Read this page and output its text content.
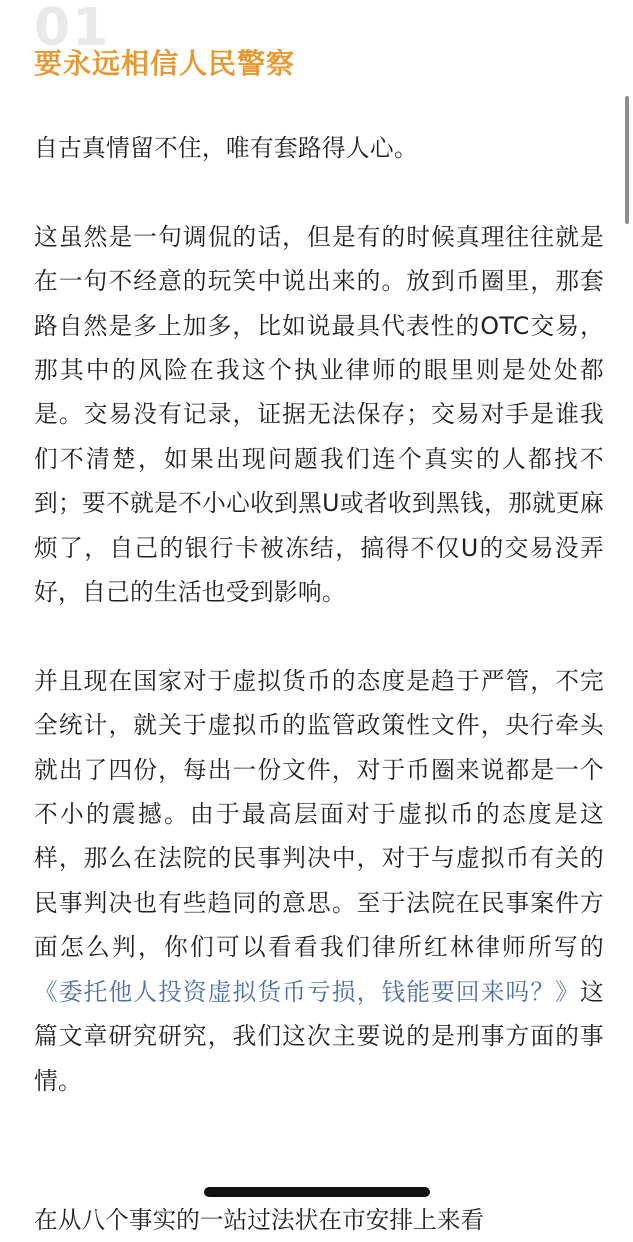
01
要永远相信人民警察

自古真情留不住，唯有套路得人心。

这虽然是一句调侃的话，但是有的时候真理往往就是在一句不经意的玩笑中说出来的。放到币圈里，那套路自然是多上加多，比如说最具代表性的OTC交易，那其中的风险在我这个执业律师的眼里则是处处都是。交易没有记录，证据无法保存；交易对手是谁我们不清楚，如果出现问题我们连个真实的人都找不到；要不就是不小心收到黑U或者收到黑钱，那就更麻烦了，自己的银行卡被冻结，搞得不仅U的交易没弄好，自己的生活也受到影响。

并且现在国家对于虚拟货币的态度是趋于严管，不完全统计，就关于虚拟币的监管政策性文件，央行牵头就出了四份，每出一份文件，对于币圈来说都是一个不小的震撼。由于最高层面对于虚拟币的态度是这样，那么在法院的民事判决中，对于与虚拟币有关的民事判决也有些趋同的意思。至于法院在民事案件方面怎么判，你们可以看看我们律所红林律师所写的《委托他人投资虚拟货币亏损，钱能要回来吗？》这篇文章研究研究，我们这次主要说的是刑事方面的事情。

在从八个事实的一站过法状在市安排上来看
